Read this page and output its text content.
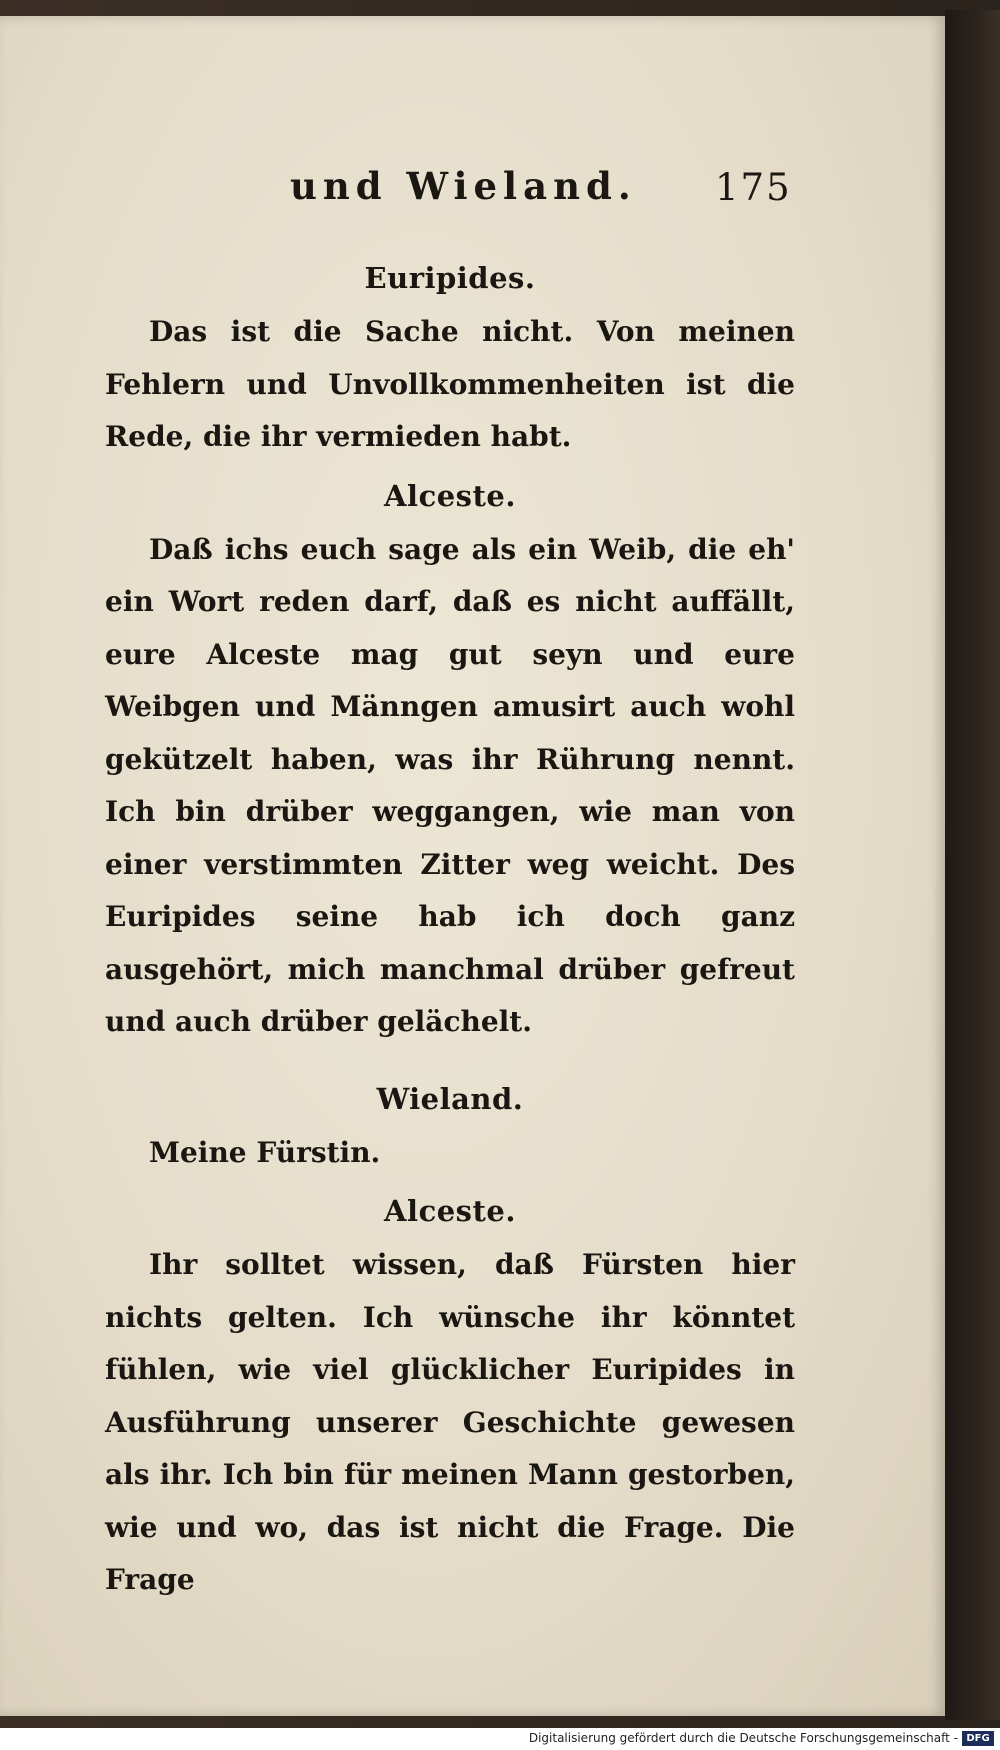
und Wieland. 175

Euripides.

Das ist die Sache nicht. Von meinen Fehlern und Unvollkommenheiten ist die Rede, die ihr vermieden habt.

Alceste.

Daß ichs euch sage als ein Weib, die eh' ein Wort reden darf, daß es nicht auffällt, eure Alceste mag gut seyn und eure Weibgen und Männgen amusirt auch wohl gekützelt haben, was ihr Rührung nennt. Ich bin drüber weggangen, wie man von einer verstimmten Zitter weg weicht. Des Euripides seine hab ich doch ganz ausgehört, mich manchmal drüber gefreut und auch drüber gelächelt.

Wieland.

Meine Fürstin.

Alceste.

Ihr solltet wissen, daß Fürsten hier nichts gelten. Ich wünsche ihr könntet fühlen, wie viel glücklicher Euripides in Ausführung unserer Geschichte gewesen als ihr. Ich bin für meinen Mann gestorben, wie und wo, das ist nicht die Frage. Die Frage

Digitalisierung gefördert durch die Deutsche Forschungsgemeinschaft - DFG
